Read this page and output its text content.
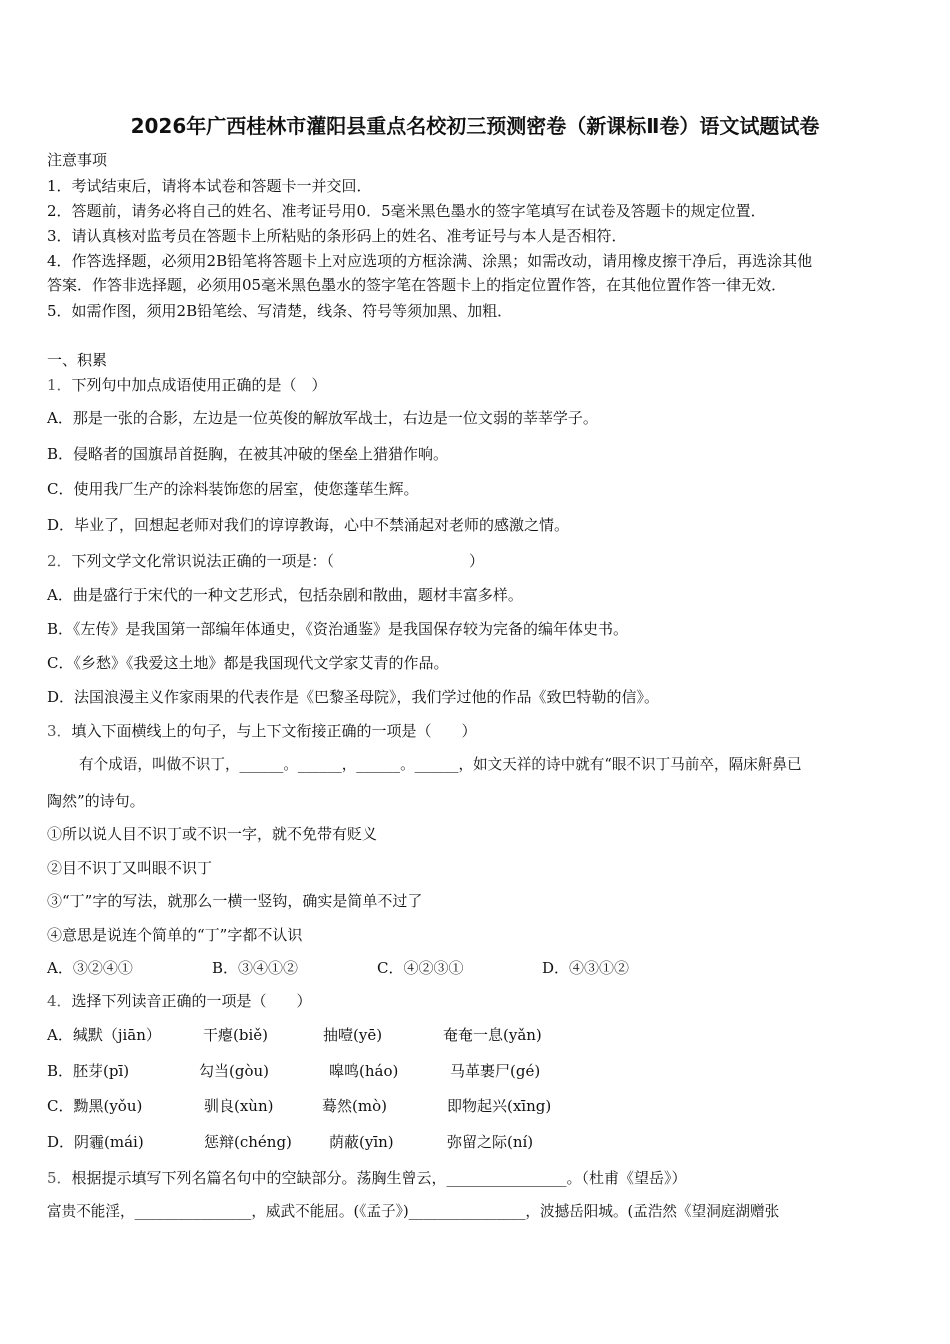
2026年广西桂林市灌阳县重点名校初三预测密卷（新课标Ⅱ卷）语文试题试卷
注意事项
1．考试结束后，请将本试卷和答题卡一并交回．
2．答题前，请务必将自己的姓名、准考证号用0．5毫米黑色墨水的签字笔填写在试卷及答题卡的规定位置．
3．请认真核对监考员在答题卡上所粘贴的条形码上的姓名、准考证号与本人是否相符．
4．作答选择题，必须用2B铅笔将答题卡上对应选项的方框涂满、涂黑；如需改动，请用橡皮擦干净后，再选涂其他
答案．作答非选择题，必须用05毫米黑色墨水的签字笔在答题卡上的指定位置作答，在其他位置作答一律无效．
5．如需作图，须用2B铅笔绘、写清楚，线条、符号等须加黑、加粗．
一、积累
1．下列句中加点成语使用正确的是（　）
A．那是一张的合影，左边是一位英俊的解放军战士，右边是一位文弱的莘莘学子。
B．侵略者的国旗昂首挺胸，在被其冲破的堡垒上猎猎作响。
C．使用我厂生产的涂料装饰您的居室，使您蓬荜生辉。
D．毕业了，回想起老师对我们的谆谆教诲，心中不禁涌起对老师的感激之情。
2．下列文学文化常识说法正确的一项是：（　　　　　　　　　）
A．曲是盛行于宋代的一种文艺形式，包括杂剧和散曲，题材丰富多样。
B．《左传》是我国第一部编年体通史，《资治通鉴》是我国保存较为完备的编年体史书。
C．《乡愁》《我爱这土地》都是我国现代文学家艾青的作品。
D．法国浪漫主义作家雨果的代表作是《巴黎圣母院》，我们学过他的作品《致巴特勒的信》。
3．填入下面横线上的句子，与上下文衔接正确的一项是（　　）
有个成语，叫做不识丁，______。______，______。______，如文天祥的诗中就有“眼不识丁马前卒，隔床鼾鼻已
陶然”的诗句。
①所以说人目不识丁或不识一字，就不免带有贬义
②目不识丁又叫眼不识丁
③“丁”字的写法，就那么一横一竖钩，确实是简单不过了
④意思是说连个简单的“丁”字都不认识
A．③②④①	B．③④①②	C．④②③①	D．④③①②
4．选择下列读音正确的一项是（　　）
A．缄默（jiān）	干瘪(biě)	抽噎(yē)	奄奄一息(yǎn)
B．胚芽(pī)	勾当(gòu)	嗥鸣(háo)	马革裹尸(gé)
C．黝黑(yǒu)	驯良(xùn)	蓦然(mò)	即物起兴(xīng)
D．阴霾(mái)	惩辩(chéng) 荫蔽(yīn)	弥留之际(ní)
5．根据提示填写下列名篇名句中的空缺部分。荡胸生曾云，________________。（杜甫《望岳》）
富贵不能淫，________________，威武不能屈。(《孟子》)________________，波撼岳阳城。(孟浩然《望洞庭湖赠张
